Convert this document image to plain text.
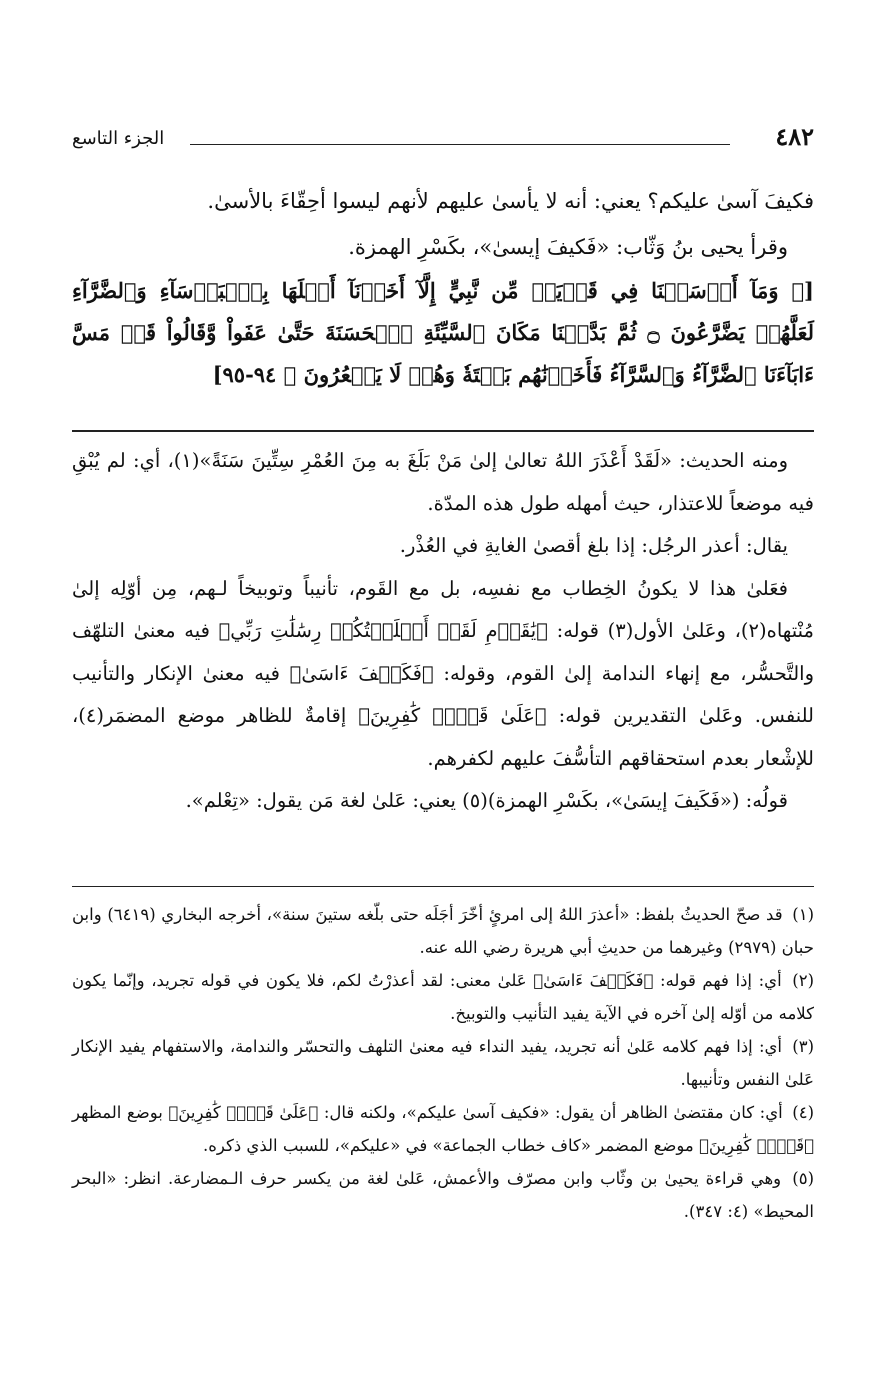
٤٨٢
الجزء التاسع

فكيفَ آسىٰ عليكم؟ يعني: أنه لا يأسىٰ عليهم لأنهم ليسوا أحِقّاءَ بالأسىٰ.

وقرأ يحيى بنُ وَثّاب: «فَكيفَ إيسىٰ»، بكَسْرِ الهمزة.

[﴿ وَمَآ أَرۡسَلۡنَا فِي قَرۡيَةٖ مِّن نَّبِيٍّ إِلَّآ أَخَذۡنَآ أَهۡلَهَا بِٱلۡبَأۡسَآءِ وَٱلضَّرَّآءِ لَعَلَّهُمۡ يَضَّرَّعُونَ ۝ ثُمَّ بَدَّلۡنَا مَكَانَ ٱلسَّيِّئَةِ ٱلۡحَسَنَةَ حَتَّىٰ عَفَواْ وَّقَالُواْ قَدۡ مَسَّ ءَابَآءَنَا ٱلضَّرَّآءُ وَٱلسَّرَّآءُ فَأَخَذۡنَٰهُم بَغۡتَةٗ وَهُمۡ لَا يَشۡعُرُونَ ﴾ ٩٤-٩٥]

ومنه الحديث: «لَقَدْ أَعْذَرَ اللهُ تعالىٰ إلىٰ مَنْ بَلَغَ به مِنَ العُمْرِ سِتِّينَ سَنَةً»(١)، أي: لم يُبْقِ فيه موضعاً للاعتذار، حيث أمهله طول هذه المدّة.

يقال: أعذر الرجُل: إذا بلغ أقصىٰ الغايةِ في العُذْر.

فعَلىٰ هذا لا يكونُ الخِطاب مع نفسِه، بل مع القَوم، تأنيباً وتوبيخاً لـهم، مِن أوّلِه إلىٰ مُنْتهاه(٢)، وعَلىٰ الأول(٣) قوله: ﴿يَٰقَوۡمِ لَقَدۡ أَبۡلَغۡتُكُمۡ رِسَٰلَٰتِ رَبِّي﴾ فيه معنىٰ التلهّف والتَّحسُّر، مع إنهاء الندامة إلىٰ القوم، وقوله: ﴿فَكَيۡفَ ءَاسَىٰ﴾ فيه معنىٰ الإنكار والتأنيب للنفس. وعَلىٰ التقديرين قوله: ﴿عَلَىٰ قَوۡمٖ كَٰفِرِينَ﴾ إقامةٌ للظاهر موضع المضمَر(٤)، للإشْعار بعدم استحقاقهم التأسُّفَ عليهم لكفرهم.

قولُه: («فَكَيفَ إيسَىٰ»، بكَسْرِ الهمزة)(٥) يعني: عَلىٰ لغة مَن يقول: «تِعْلم».

(١) قد صحّ الحديثُ بلفظ: «أعذرَ اللهُ إلى امرئٍ أخّرَ أجَلَه حتى بلّغه ستينَ سنة»، أخرجه البخاري (٦٤١٩) وابن حبان (٢٩٧٩) وغيرهما من حديثِ أبي هريرة رضي الله عنه.

(٢) أي: إذا فهم قوله: ﴿فَكَيۡفَ ءَاسَىٰ﴾ عَلىٰ معنى: لقد أعذرْتُ لكم، فلا يكون في قوله تجريد، وإنّما يكون كلامه من أوّله إلىٰ آخره في الآية يفيد التأنيب والتوبيخ.

(٣) أي: إذا فهم كلامه عَلىٰ أنه تجريد، يفيد النداء فيه معنىٰ التلهف والتحسّر والندامة، والاستفهام يفيد الإنكار عَلىٰ النفس وتأنيبها.

(٤) أي: كان مقتضىٰ الظاهر أن يقول: «فكيف آسىٰ عليكم»، ولكنه قال: ﴿عَلَىٰ قَوۡمٖ كَٰفِرِينَ﴾ بوضع المظهر ﴿قَوۡمٖ كَٰفِرِينَ﴾ موضع المضمر «كاف خطاب الجماعة» في «عليكم»، للسبب الذي ذكره.

(٥) وهي قراءة يحيىٰ بن وثّاب وابن مصرّف والأعمش، عَلىٰ لغة من يكسر حرف الـمضارعة. انظر: «البحر المحيط» (٤: ٣٤٧).
